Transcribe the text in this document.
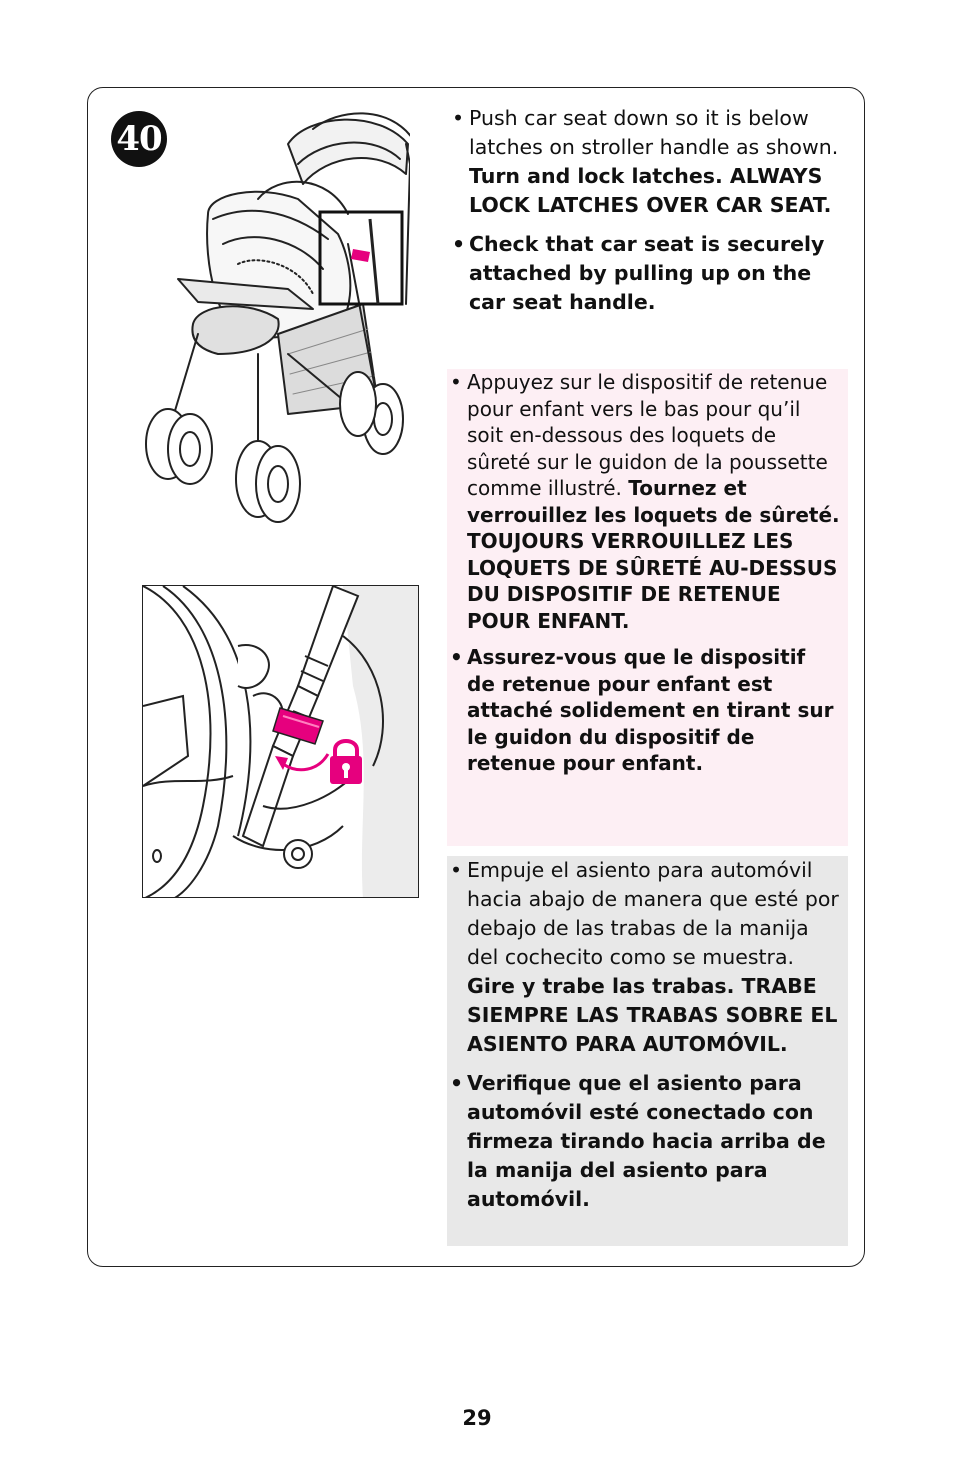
40

• Push car seat down so it is below latches on stroller handle as shown. Turn and lock latches. ALWAYS LOCK LATCHES OVER CAR SEAT.

• Check that car seat is securely attached by pulling up on the car seat handle.

• Appuyez sur le dispositif de retenue pour enfant vers le bas pour qu’il soit en-dessous des loquets de sûreté sur le guidon de la poussette comme illustré. Tournez et verrouillez les loquets de sûreté. TOUJOURS VERROUILLEZ LES LOQUETS DE SÛRETÉ AU-DESSUS DU DISPOSITIF DE RETENUE POUR ENFANT.

• Assurez-vous que le dispositif de retenue pour enfant est attaché solidement en tirant sur le guidon du dispositif de retenue pour enfant.

• Empuje el asiento para automóvil hacia abajo de manera que esté por debajo de las trabas de la manija del cochecito como se muestra. Gire y trabe las trabas. TRABE SIEMPRE LAS TRABAS SOBRE EL ASIENTO PARA AUTOMÓVIL.

• Verifique que el asiento para automóvil esté conectado con firmeza tirando hacia arriba de la manija del asiento para automóvil.

29
